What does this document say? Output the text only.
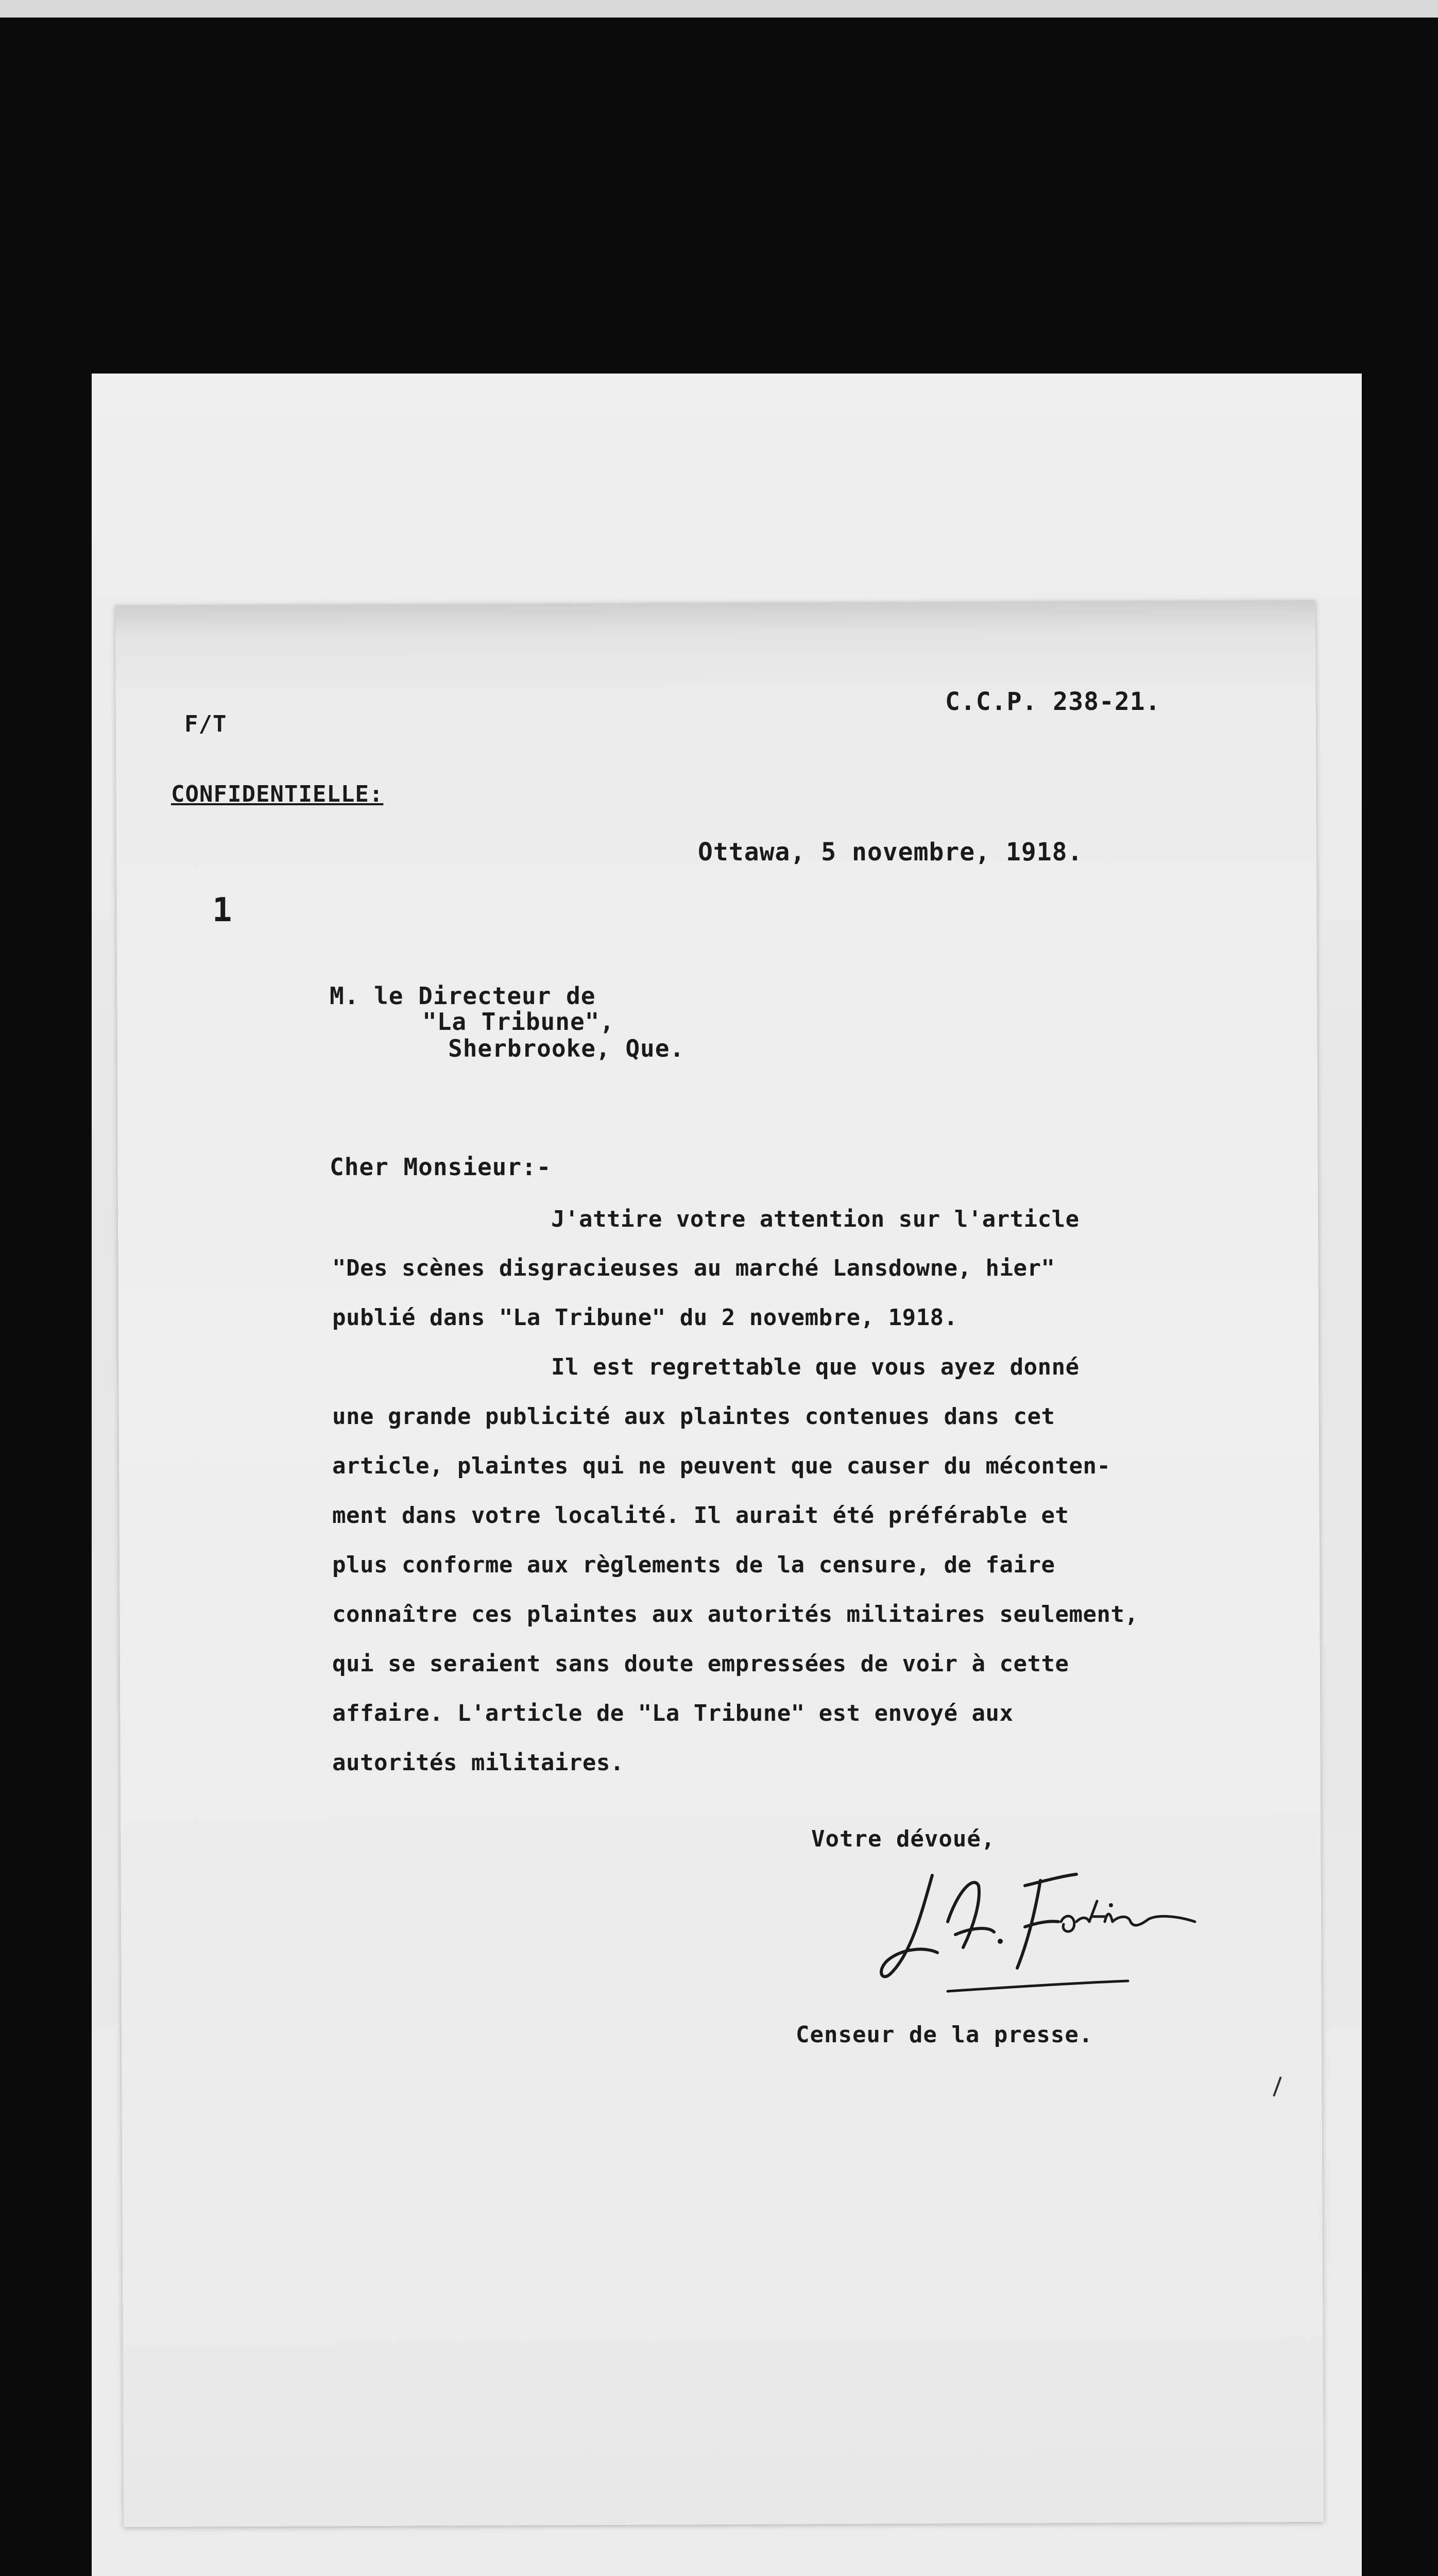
C.C.P. 238-21.
F/T
CONFIDENTIELLE:
Ottawa, 5 novembre, 1918.
1
M. le Directeur de
"La Tribune",
Sherbrooke, Que.
Cher Monsieur:-
J'attire votre attention sur l'article
"Des scènes disgracieuses au marché Lansdowne, hier"
publié dans "La Tribune" du 2 novembre, 1918.
Il est regrettable que vous ayez donné
une grande publicité aux plaintes contenues dans cet
article, plaintes qui ne peuvent que causer du méconten-
ment dans votre localité. Il aurait été préférable et
plus conforme aux règlements de la censure, de faire
connaître ces plaintes aux autorités militaires seulement,
qui se seraient sans doute empressées de voir à cette
affaire. L'article de "La Tribune" est envoyé aux
autorités militaires.
Votre dévoué,
Censeur de la presse.
